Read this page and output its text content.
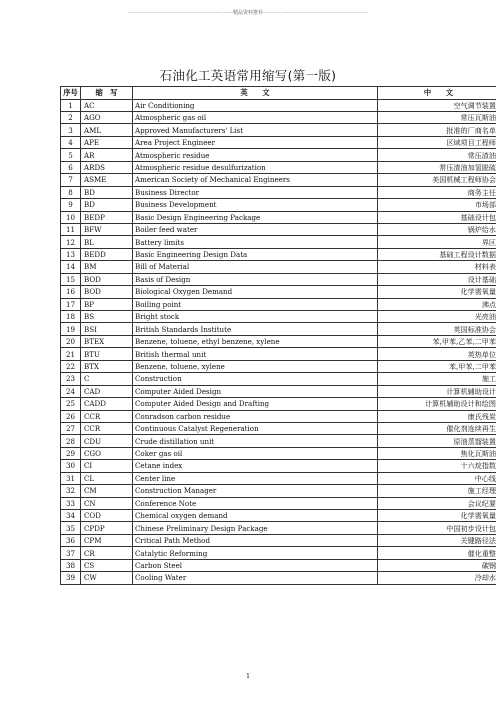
··································································精品资料推荐··································································
石油化工英语常用缩写(第一版)
序号	缩　写	英　　文	中　　文
1	AC	Air Conditioning	空气调节装置
2	AGO	Atmospheric gas oil	常压瓦斯油
3	AML	Approved Manufacturers' List	批准的厂商名单
4	APE	Area Project Engineer	区域项目工程师
5	AR	Atmospheric residue	常压渣油
6	ARDS	Atmospheric residue desulfurization	常压渣油加氢脱硫
7	ASME	American Society of Mechanical Engineers	美国机械工程师协会
8	BD	Business Director	商务主任
9	BD	Business Development	市场部
10	BEDP	Basic Design Engineering Package	基础设计包
11	BFW	Boiler feed water	锅炉给水
12	BL	Battery limits	界区
13	BEDD	Basic Engineering Design Data	基础工程设计数据
14	BM	Bill of Material	材料表
15	BOD	Basis of Design	设计基础
16	BOD	Biological Oxygen Demand	化学需氧量
17	BP	Boiling point	沸点
18	BS	Bright stock	光亮油
19	BSI	British Standards Institute	英国标准协会
20	BTEX	Benzene, toluene, ethyl benzene, xylene	苯,甲苯,乙苯,二甲苯
21	BTU	British thermal unit	英热单位
22	BTX	Benzene, toluene, xylene	苯,甲苯,二甲苯
23	C	Construction	施工
24	CAD	Computer Aided Design	计算机辅助设计
25	CADD	Computer Aided Design and Drafting	计算机辅助设计和绘图
26	CCR	Conradson carbon residue	康氏残炭
27	CCR	Continuous Catalyst Regeneration	催化剂连续再生
28	CDU	Crude distillation unit	原油蒸馏装置
29	CGO	Coker gas oil	焦化瓦斯油
30	CI	Cetane index	十六烷指数
31	CL	Center line	中心线
32	CM	Construction Manager	施工经理
33	CN	Conference Note	会议纪要
34	COD	Chemical oxygen demand	化学需氧量
35	CPDP	Chinese Preliminary Design Package	中国初步设计包
36	CPM	Critical Path Method	关键路径法
37	CR	Catalytic Reforming	催化重整
38	CS	Carbon Steel	碳钢
39	CW	Cooling Water	冷却水
1
